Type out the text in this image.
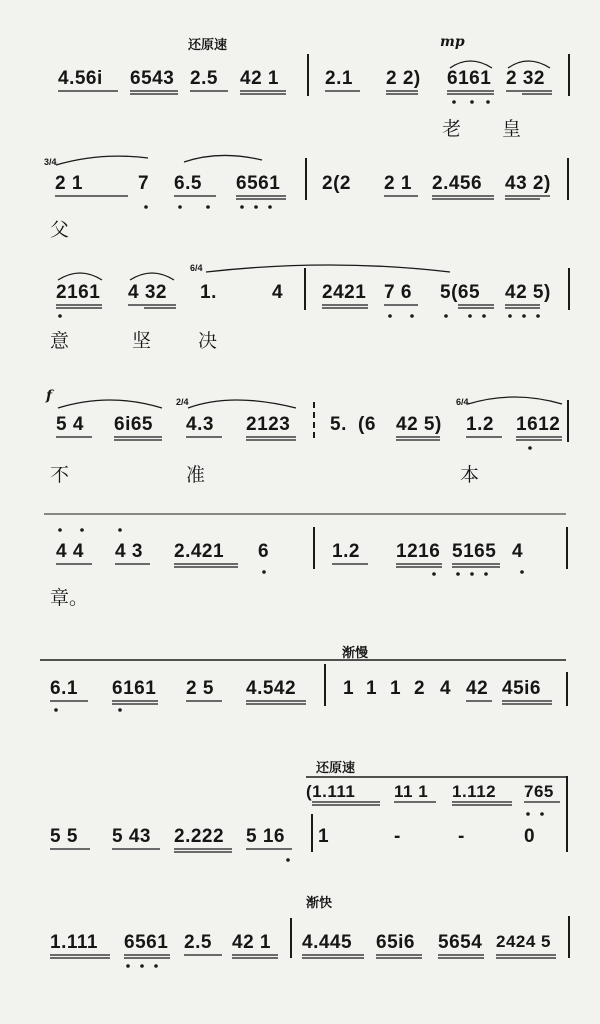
还原速	mp
4.56i 6543 2.5 42 1 2.1 2 2) 6161 2 32
老 皇
3/4
2 1	7 6.5 6561 2(2 2 1 2.456 43 2)
父
6/4
2161 4 32 1.	4 2421 7 6 5(65 42 5)
意	坚 决
f	2/4	6/4
5 4 6i65 4.3 2123 5. (6 42 5) 1.2 1612
不	准	本
4 4 4 3 2.421 6	1.2 1216 5165 4
章。
渐慢
6.1 6161 2 5 4.542 1 1 1 2 4 42 45i6
还原速
(1.111 11 1 1.112 765
5 5 5 43 2.222 5 16 1	-	-	0
渐快
1.111 6561 2.5 42 1 4.445 65i6 5654 2424 5
